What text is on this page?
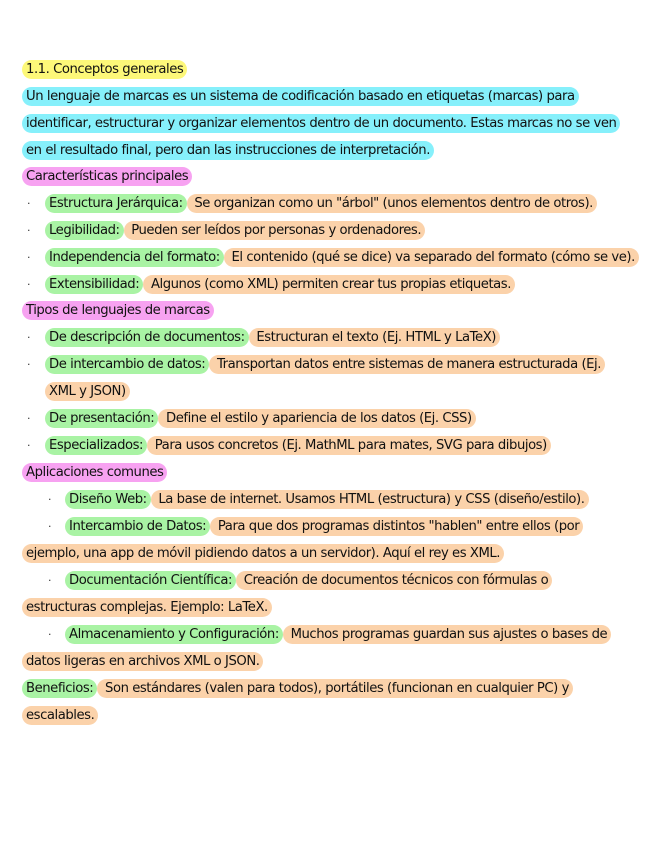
1.1. Conceptos generales
Un lenguaje de marcas es un sistema de codificación basado en etiquetas (marcas) para
identificar, estructurar y organizar elementos dentro de un documento. Estas marcas no se ven
en el resultado final, pero dan las instrucciones de interpretación.
Características principales
·	Estructura Jerárquica: Se organizan como un "árbol" (unos elementos dentro de otros).
·	Legibilidad: Pueden ser leídos por personas y ordenadores.
·	Independencia del formato: El contenido (qué se dice) va separado del formato (cómo se ve).
·	Extensibilidad: Algunos (como XML) permiten crear tus propias etiquetas.
Tipos de lenguajes de marcas
·	De descripción de documentos: Estructuran el texto (Ej. HTML y LaTeX)
·	De intercambio de datos: Transportan datos entre sistemas de manera estructurada (Ej.
XML y JSON)
·	De presentación: Define el estilo y apariencia de los datos (Ej. CSS)
·	Especializados: Para usos concretos (Ej. MathML para mates, SVG para dibujos)
Aplicaciones comunes
·	Diseño Web: La base de internet. Usamos HTML (estructura) y CSS (diseño/estilo).
·	Intercambio de Datos: Para que dos programas distintos "hablen" entre ellos (por
ejemplo, una app de móvil pidiendo datos a un servidor). Aquí el rey es XML.
·	Documentación Científica: Creación de documentos técnicos con fórmulas o
estructuras complejas. Ejemplo: LaTeX.
·	Almacenamiento y Configuración: Muchos programas guardan sus ajustes o bases de
datos ligeras en archivos XML o JSON.
Beneficios: Son estándares (valen para todos), portátiles (funcionan en cualquier PC) y
escalables.
